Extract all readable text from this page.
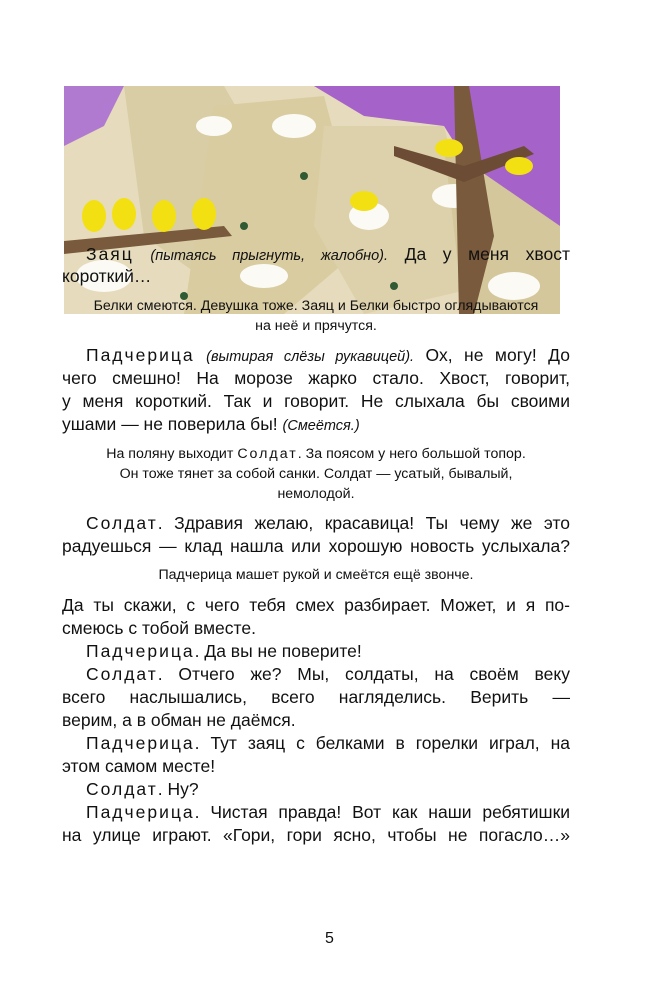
Заяц (пытаясь прыгнуть, жалобно). Да у меня хвост
короткий…
Белки смеются. Девушка тоже. Заяц и Белки быстро оглядываются
на неё и прячутся.
Падчерица (вытирая слёзы рукавицей). Ох, не могу! До
чего смешно! На морозе жарко стало. Хвост, говорит,
у меня короткий. Так и говорит. Не слыхала бы своими
ушами — не поверила бы! (Смеётся.)
На поляну выходит Солдат. За поясом у него большой топор.
Он тоже тянет за собой санки. Солдат — усатый, бывалый,
немолодой.
Солдат. Здравия желаю, красавица! Ты чему же это
радуешься — клад нашла или хорошую новость услыхала?
Падчерица машет рукой и смеётся ещё звонче.
Да ты скажи, с чего тебя смех разбирает. Может, и я по-
смеюсь с тобой вместе.
Падчерица. Да вы не поверите!
Солдат. Отчего же? Мы, солдаты, на своём веку
всего наслышались, всего нагляделись. Верить —
верим, а в обман не даёмся.
Падчерица. Тут заяц с белками в горелки играл, на
этом самом месте!
Солдат. Ну?
Падчерица. Чистая правда! Вот как наши ребятишки
на улице играют. «Гори, гори ясно, чтобы не погасло…»
5
